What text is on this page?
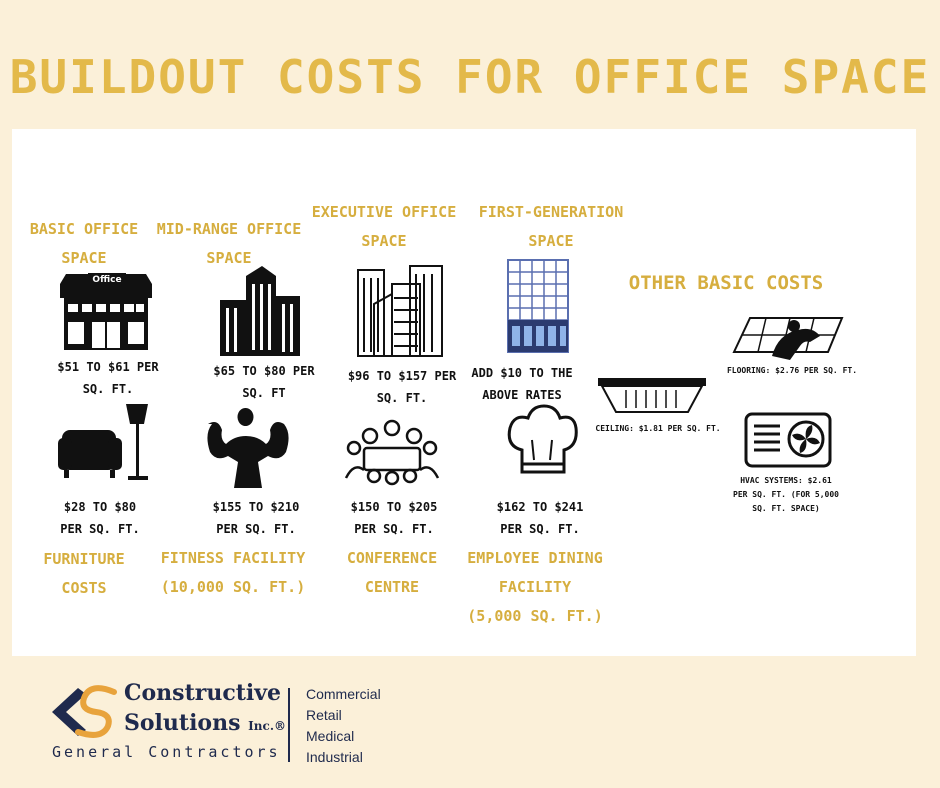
BUILDOUT COSTS FOR OFFICE SPACE
BASIC OFFICE
SPACE
MID-RANGE OFFICE
SPACE
EXECUTIVE OFFICE
SPACE
FIRST-GENERATION
SPACE
Office
$51 TO $61 PER
SQ. FT.
$65 TO $80 PER
SQ. FT
$96 TO $157 PER
SQ. FT.
ADD $10 TO THE
ABOVE RATES
$28 TO $80
PER SQ. FT.
$155 TO $210
PER SQ. FT.
$150 TO $205
PER SQ. FT.
$162 TO $241
PER SQ. FT.
FURNITURE
COSTS
FITNESS FACILITY
(10,000 SQ. FT.)
CONFERENCE
CENTRE
EMPLOYEE DINING
FACILITY
(5,000 SQ. FT.)
OTHER BASIC COSTS
FLOORING: $2.76 PER SQ. FT.
CEILING: $1.81 PER SQ. FT.
HVAC SYSTEMS: $2.61
PER SQ. FT. (FOR 5,000
SQ. FT. SPACE)
Constructive
Solutions Inc.®
General Contractors
Commercial
Retail
Medical
Industrial
